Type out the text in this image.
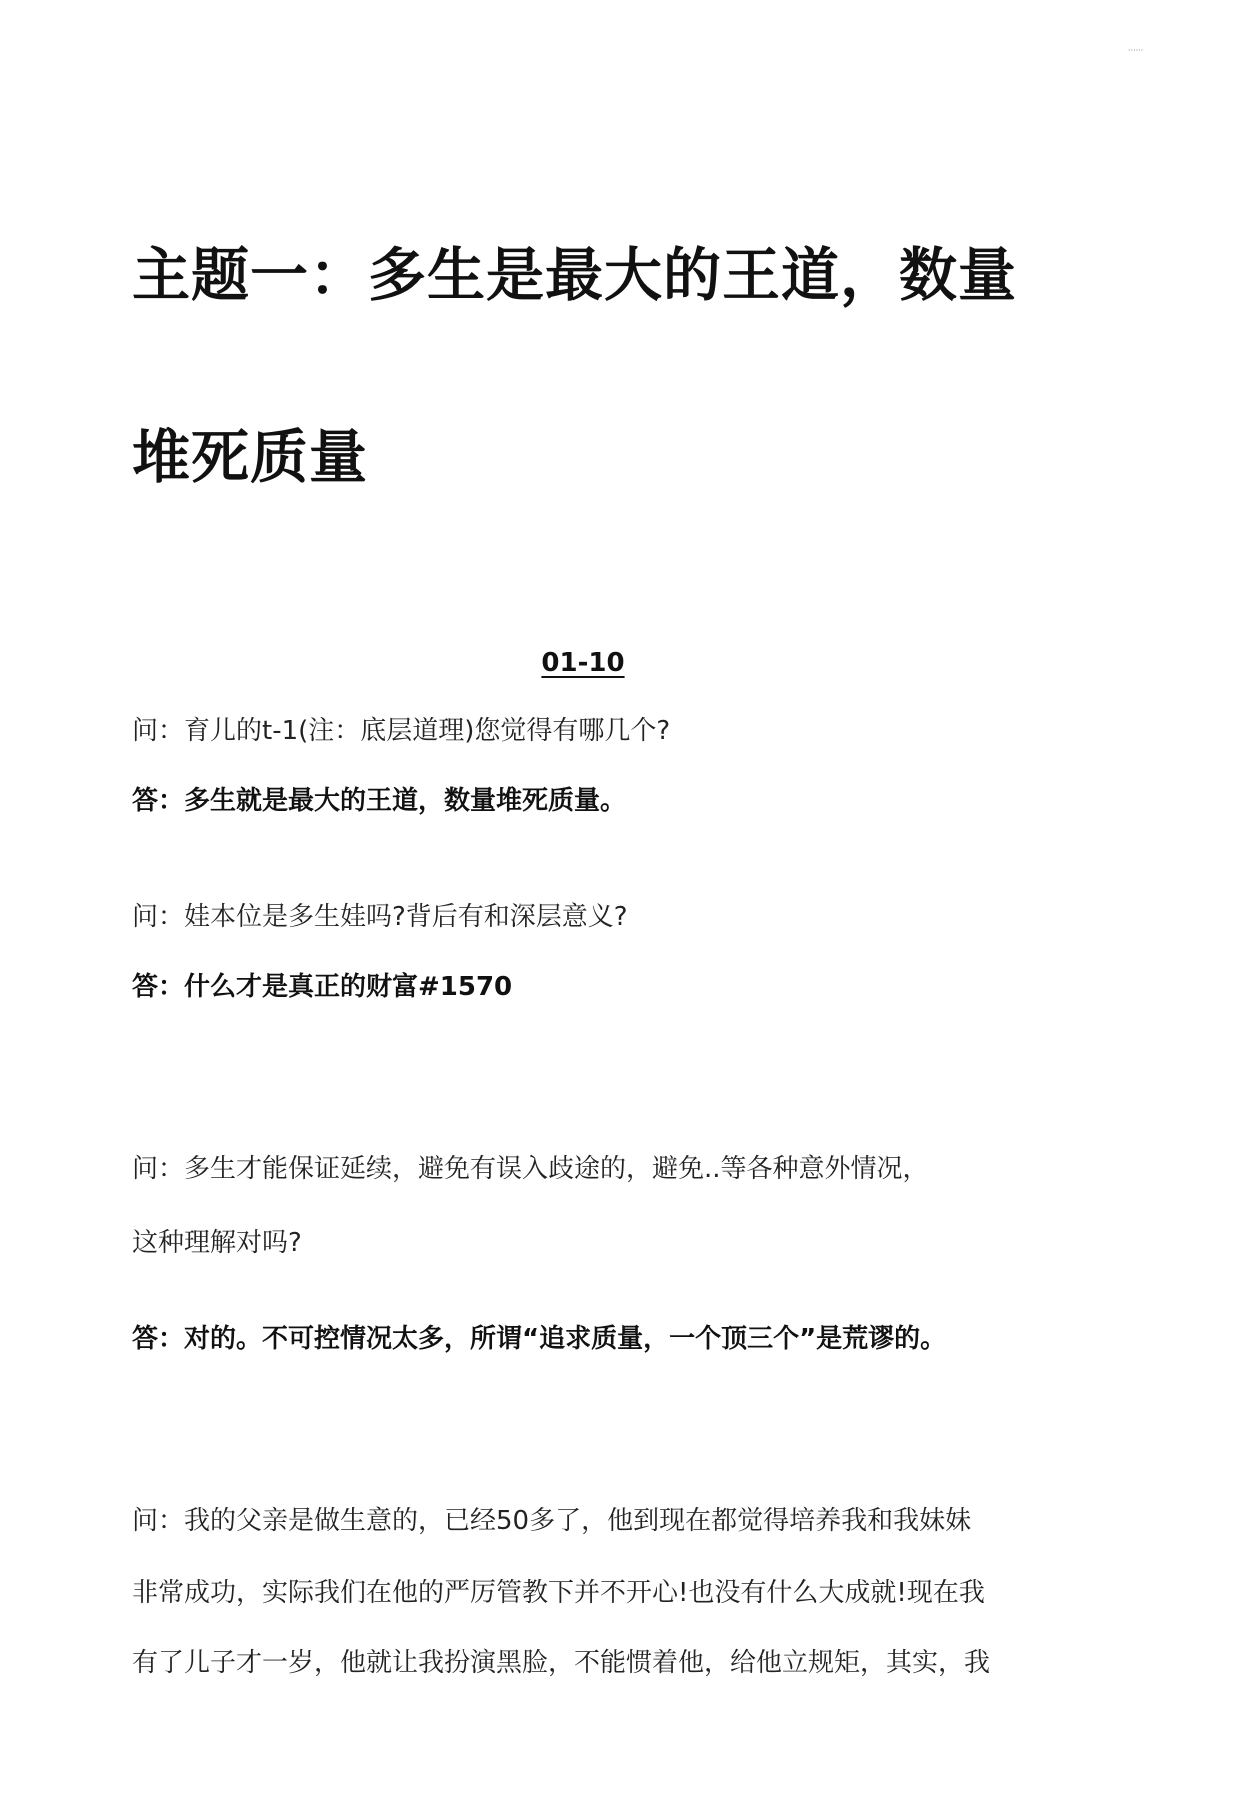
······
主题一：多生是最大的王道，数量
堆死质量
01-10

问：育儿的t-1(注：底层道理)您觉得有哪几个?

答：多生就是最大的王道，数量堆死质量。

问：娃本位是多生娃吗?背后有和深层意义?

答：什么才是真正的财富#1570

问：多生才能保证延续，避免有误入歧途的，避免..等各种意外情况，

这种理解对吗?

答：对的。不可控情况太多，所谓“追求质量，一个顶三个”是荒谬的。

问：我的父亲是做生意的，已经50多了，他到现在都觉得培养我和我妹妹

非常成功，实际我们在他的严厉管教下并不开心!也没有什么大成就!现在我

有了儿子才一岁，他就让我扮演黑脸，不能惯着他，给他立规矩，其实，我
